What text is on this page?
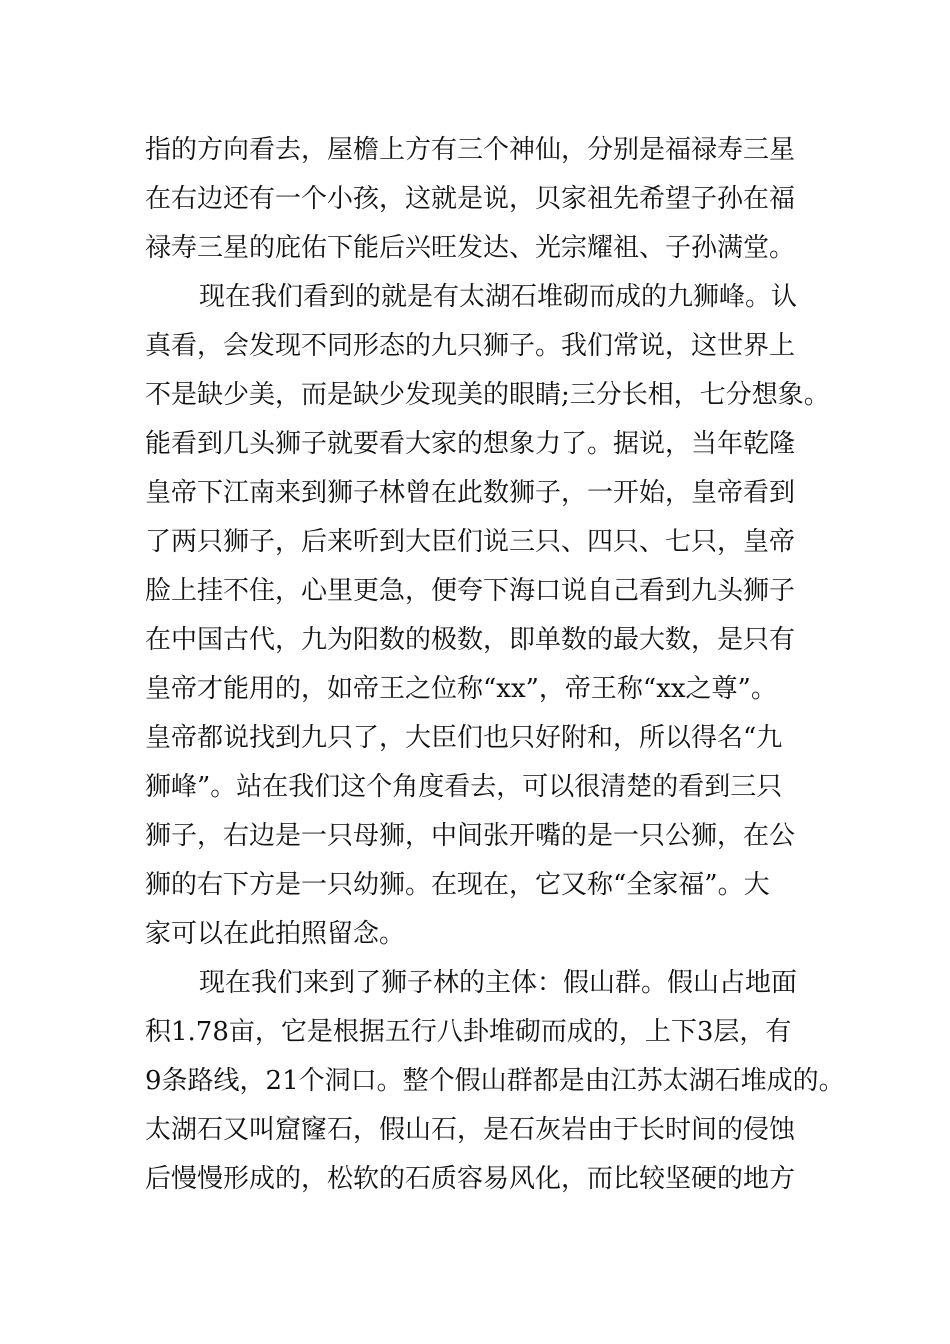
指的方向看去，屋檐上方有三个神仙，分别是福禄寿三星
在右边还有一个小孩，这就是说，贝家祖先希望子孙在福
禄寿三星的庇佑下能后兴旺发达、光宗耀祖、子孙满堂。
现在我们看到的就是有太湖石堆砌而成的九狮峰。认
真看，会发现不同形态的九只狮子。我们常说，这世界上
不是缺少美，而是缺少发现美的眼睛;三分长相，七分想象。
能看到几头狮子就要看大家的想象力了。据说，当年乾隆
皇帝下江南来到狮子林曾在此数狮子，一开始，皇帝看到
了两只狮子，后来听到大臣们说三只、四只、七只，皇帝
脸上挂不住，心里更急，便夸下海口说自己看到九头狮子
在中国古代，九为阳数的极数，即单数的最大数，是只有
皇帝才能用的，如帝王之位称“xx”，帝王称“xx之尊”。
皇帝都说找到九只了，大臣们也只好附和，所以得名“九
狮峰”。站在我们这个角度看去，可以很清楚的看到三只
狮子，右边是一只母狮，中间张开嘴的是一只公狮，在公
狮的右下方是一只幼狮。在现在，它又称“全家福”。大
家可以在此拍照留念。
现在我们来到了狮子林的主体：假山群。假山占地面
积1.78亩，它是根据五行八卦堆砌而成的，上下3层，有
9条路线，21个洞口。整个假山群都是由江苏太湖石堆成的。
太湖石又叫窟窿石，假山石，是石灰岩由于长时间的侵蚀
后慢慢形成的，松软的石质容易风化，而比较坚硬的地方
